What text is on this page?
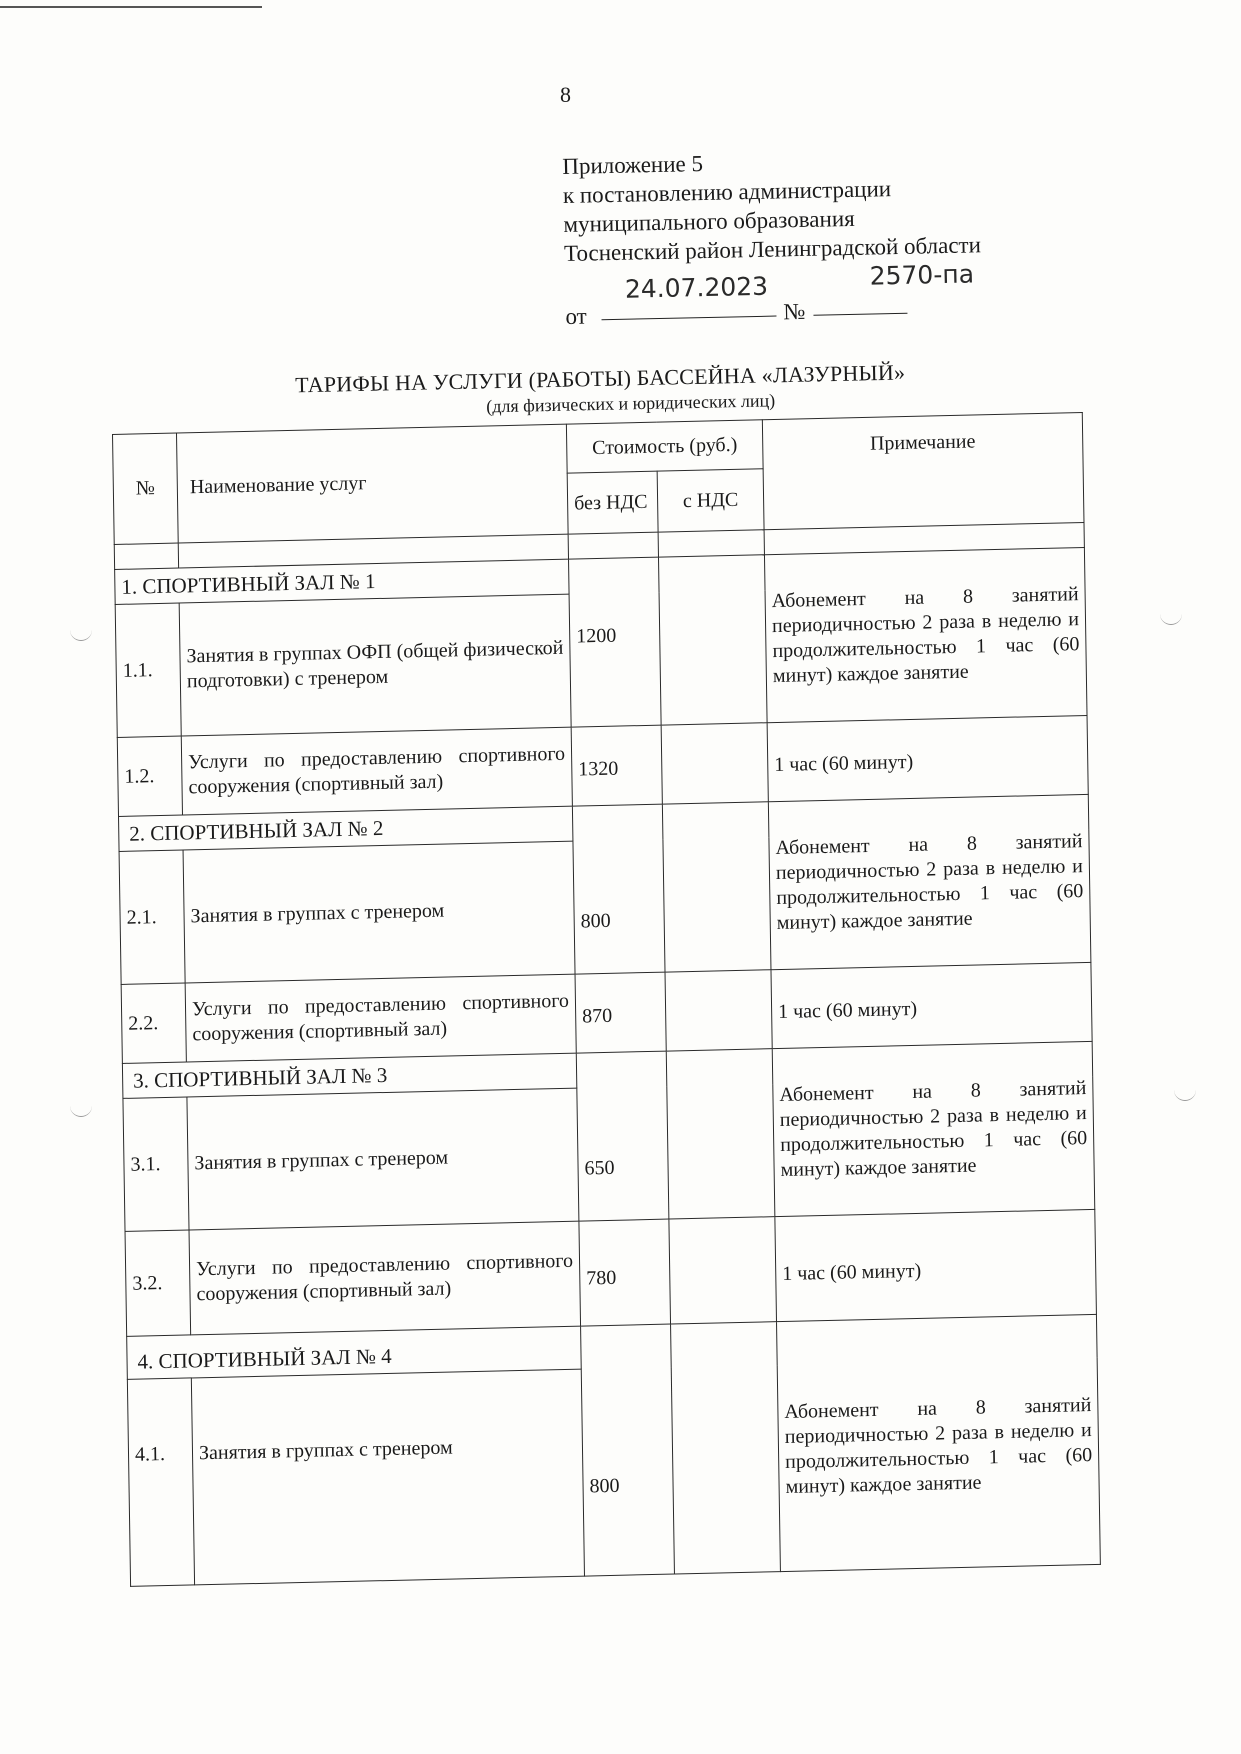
8
Приложение 5
к постановлению администрации
муниципального образования
Тосненский район Ленинградской области
от
24.07.2023
№
2570-па
ТАРИФЫ НА УСЛУГИ (РАБОТЫ) БАССЕЙНА «ЛАЗУРНЫЙ»
(для физических и юридических лиц)
№	Наименование услуг	Стоимость (руб.)		Примечание
		без НДС	с НДС	

1. СПОРТИВНЫЙ ЗАЛ № 1				Абонемент на 8 занятий периодичностью 2 раза в неделю и продолжительностью 1 час (60 минут) каждое занятие
1.1.	Занятия в группах ОФП (общей физической подготовки) с тренером	1200		
1.2.	Услуги по предоставлению спортивного сооружения (спортивный зал)	1320		1 час (60 минут)
2. СПОРТИВНЫЙ ЗАЛ № 2				Абонемент на 8 занятий периодичностью 2 раза в неделю и продолжительностью 1 час (60 минут) каждое занятие
2.1.	Занятия в группах с тренером	800		
2.2.	Услуги по предоставлению спортивного сооружения (спортивный зал)	870		1 час (60 минут)
3. СПОРТИВНЫЙ ЗАЛ № 3				Абонемент на 8 занятий периодичностью 2 раза в неделю и продолжительностью 1 час (60 минут) каждое занятие
3.1.	Занятия в группах с тренером	650		
3.2.	Услуги по предоставлению спортивного сооружения (спортивный зал)	780		1 час (60 минут)
4. СПОРТИВНЫЙ ЗАЛ № 4				Абонемент на 8 занятий периодичностью 2 раза в неделю и продолжительностью 1 час (60 минут) каждое занятие
4.1.	Занятия в группах с тренером	800		
